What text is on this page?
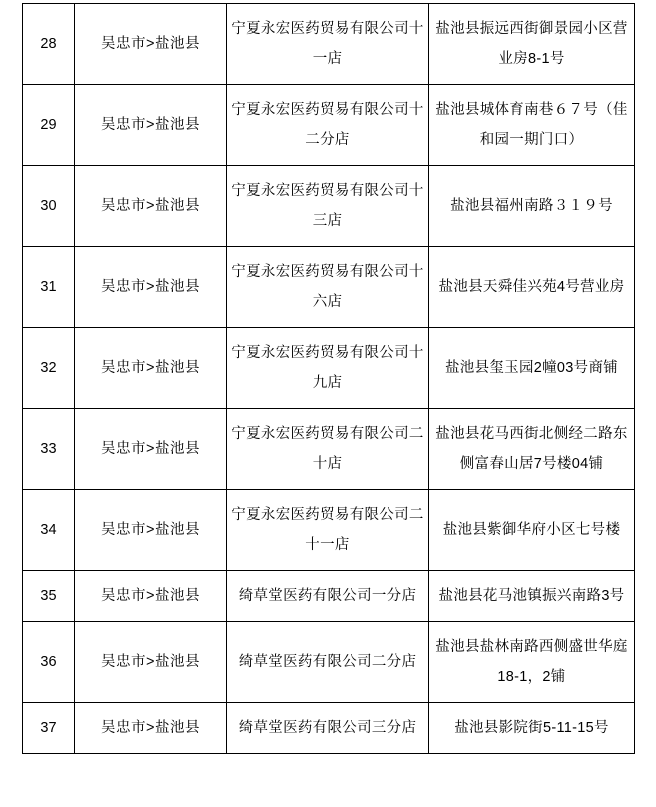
28	吴忠市>盐池县	宁夏永宏医药贸易有限公司十一店	盐池县振远西街御景园小区营业房8-1号
29	吴忠市>盐池县	宁夏永宏医药贸易有限公司十二分店	盐池县城体育南巷６７号（佳和园一期门口）
30	吴忠市>盐池县	宁夏永宏医药贸易有限公司十三店	盐池县福州南路３１９号
31	吴忠市>盐池县	宁夏永宏医药贸易有限公司十六店	盐池县天舜佳兴苑4号营业房
32	吴忠市>盐池县	宁夏永宏医药贸易有限公司十九店	盐池县玺玉园2幢03号商铺
33	吴忠市>盐池县	宁夏永宏医药贸易有限公司二十店	盐池县花马西街北侧经二路东侧富春山居7号楼04铺
34	吴忠市>盐池县	宁夏永宏医药贸易有限公司二十一店	盐池县紫御华府小区七号楼
35	吴忠市>盐池县	绮草堂医药有限公司一分店	盐池县花马池镇振兴南路3号
36	吴忠市>盐池县	绮草堂医药有限公司二分店	盐池县盐林南路西侧盛世华庭18-1，2铺
37	吴忠市>盐池县	绮草堂医药有限公司三分店	盐池县影院街5-11-15号
